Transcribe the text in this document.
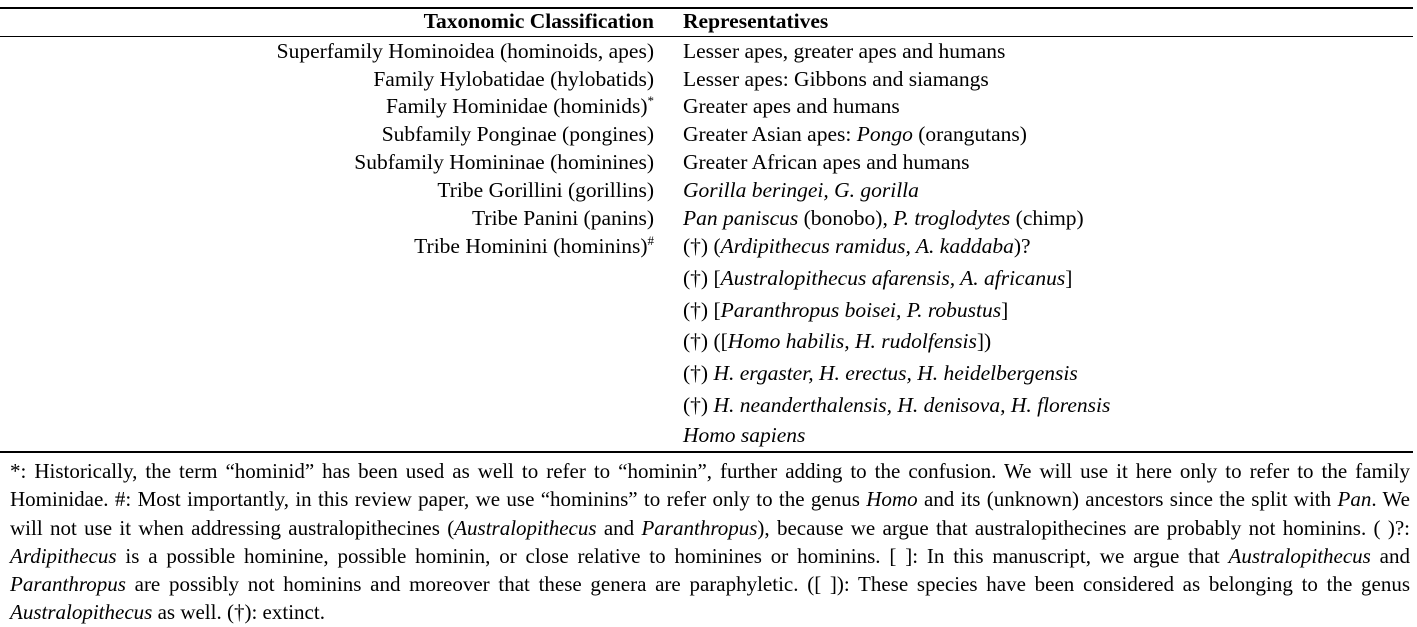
Taxonomic Classification Representatives
Superfamily Hominoidea (hominoids, apes) Lesser apes, greater apes and humans
Family Hylobatidae (hylobatids) Lesser apes: Gibbons and siamangs
Family Hominidae (hominids)* Greater apes and humans
Subfamily Ponginae (pongines) Greater Asian apes: Pongo (orangutans)
Subfamily Homininae (hominines) Greater African apes and humans
Tribe Gorillini (gorillins) Gorilla beringei, G. gorilla
Tribe Panini (panins) Pan paniscus (bonobo), P. troglodytes (chimp)
Tribe Hominini (hominins)# (†) (Ardipithecus ramidus, A. kaddaba)?
(†) [Australopithecus afarensis, A. africanus]
(†) [Paranthropus boisei, P. robustus]
(†) ([Homo habilis, H. rudolfensis])
(†) H. ergaster, H. erectus, H. heidelbergensis
(†) H. neanderthalensis, H. denisova, H. florensis
Homo sapiens
*: Historically, the term “hominid” has been used as well to refer to “hominin”, further adding to the confusion. We will use it here only to refer to the family Hominidae. #: Most importantly, in this review paper, we use “hominins” to refer only to the genus Homo and its (unknown) ancestors since the split with Pan. We will not use it when addressing australopithecines (Australopithecus and Paranthropus), because we argue that australopithecines are probably not hominins. ( )?: Ardipithecus is a possible hominine, possible hominin, or close relative to hominines or hominins. [ ]: In this manuscript, we argue that Australopithecus and Paranthropus are possibly not hominins and moreover that these genera are paraphyletic. ([ ]): These species have been considered as belonging to the genus Australopithecus as well. (†): extinct.
